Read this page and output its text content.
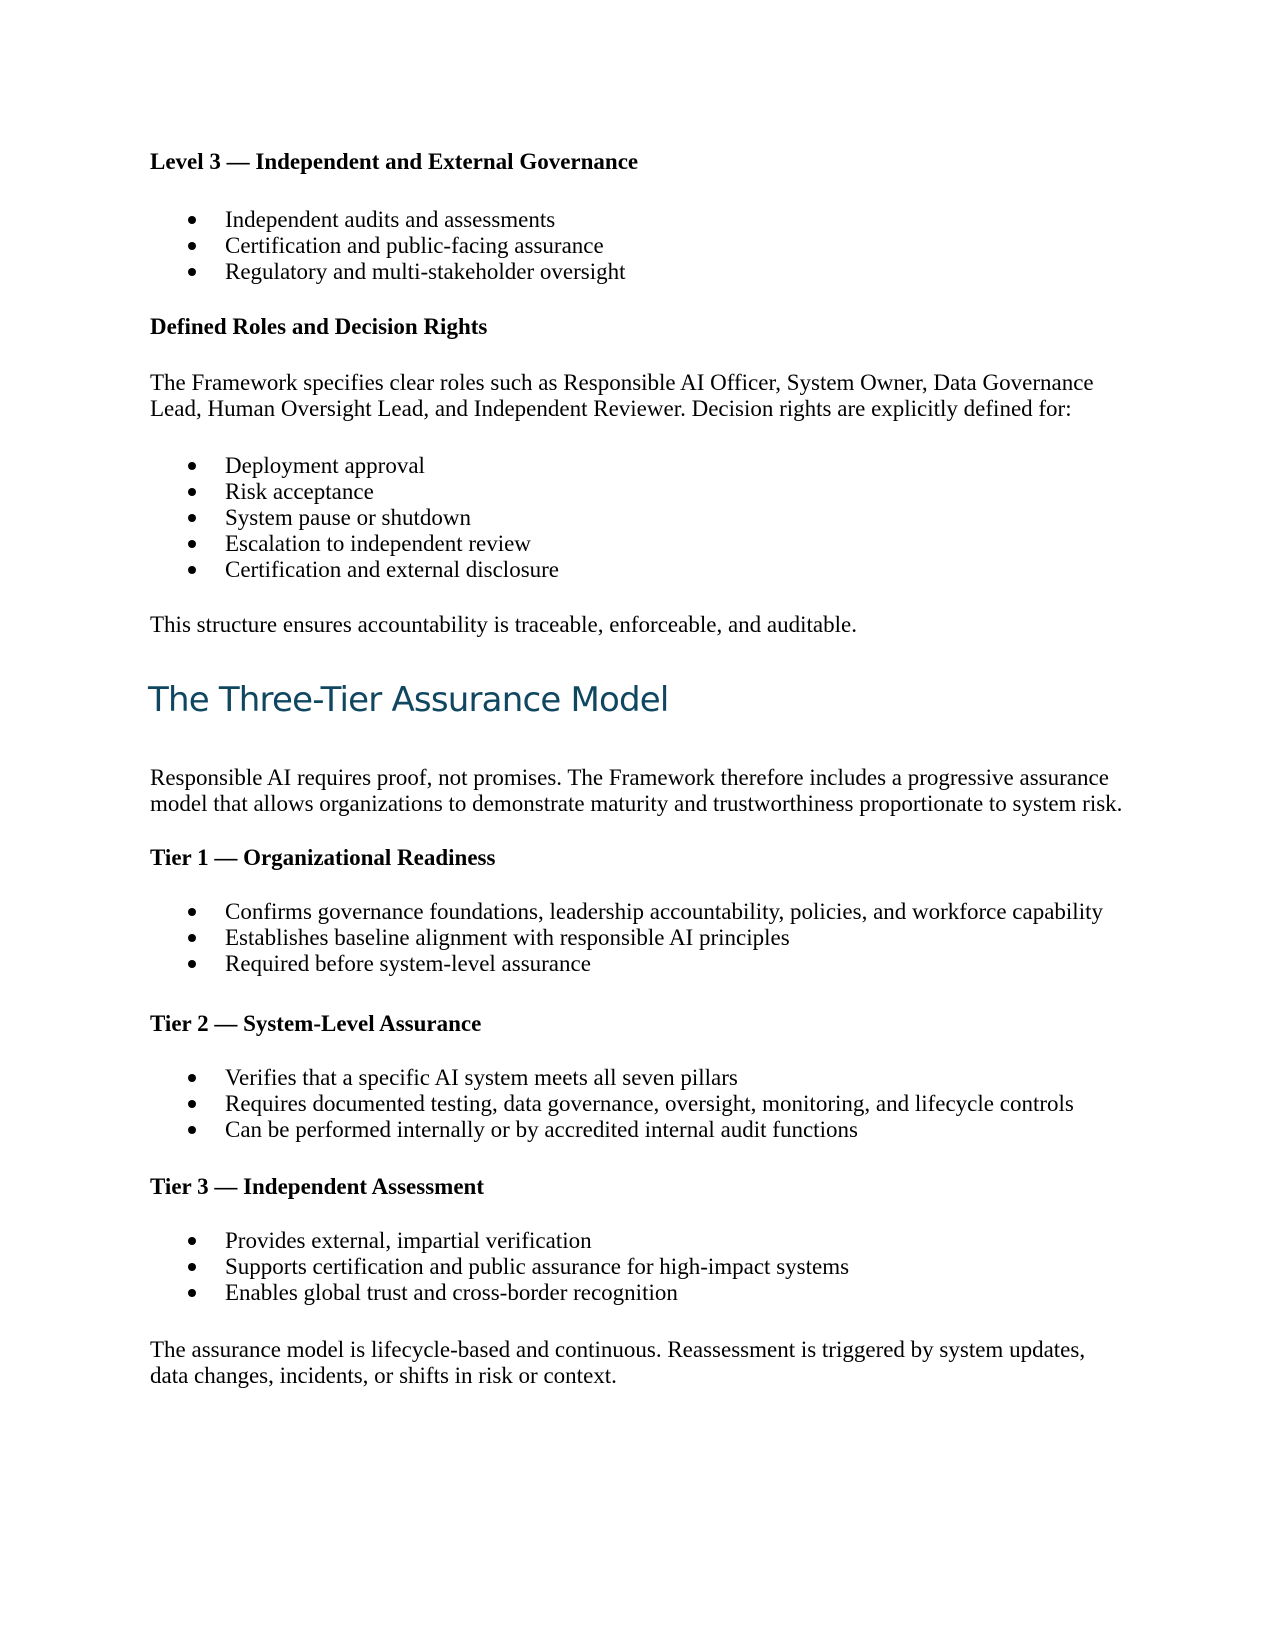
Level 3 — Independent and External Governance
Independent audits and assessments
Certification and public-facing assurance
Regulatory and multi-stakeholder oversight
Defined Roles and Decision Rights
The Framework specifies clear roles such as Responsible AI Officer, System Owner, Data Governance
Lead, Human Oversight Lead, and Independent Reviewer. Decision rights are explicitly defined for:
Deployment approval
Risk acceptance
System pause or shutdown
Escalation to independent review
Certification and external disclosure
This structure ensures accountability is traceable, enforceable, and auditable.
The Three-Tier Assurance Model
Responsible AI requires proof, not promises. The Framework therefore includes a progressive assurance
model that allows organizations to demonstrate maturity and trustworthiness proportionate to system risk.
Tier 1 — Organizational Readiness
Confirms governance foundations, leadership accountability, policies, and workforce capability
Establishes baseline alignment with responsible AI principles
Required before system-level assurance
Tier 2 — System-Level Assurance
Verifies that a specific AI system meets all seven pillars
Requires documented testing, data governance, oversight, monitoring, and lifecycle controls
Can be performed internally or by accredited internal audit functions
Tier 3 — Independent Assessment
Provides external, impartial verification
Supports certification and public assurance for high-impact systems
Enables global trust and cross-border recognition
The assurance model is lifecycle-based and continuous. Reassessment is triggered by system updates,
data changes, incidents, or shifts in risk or context.
